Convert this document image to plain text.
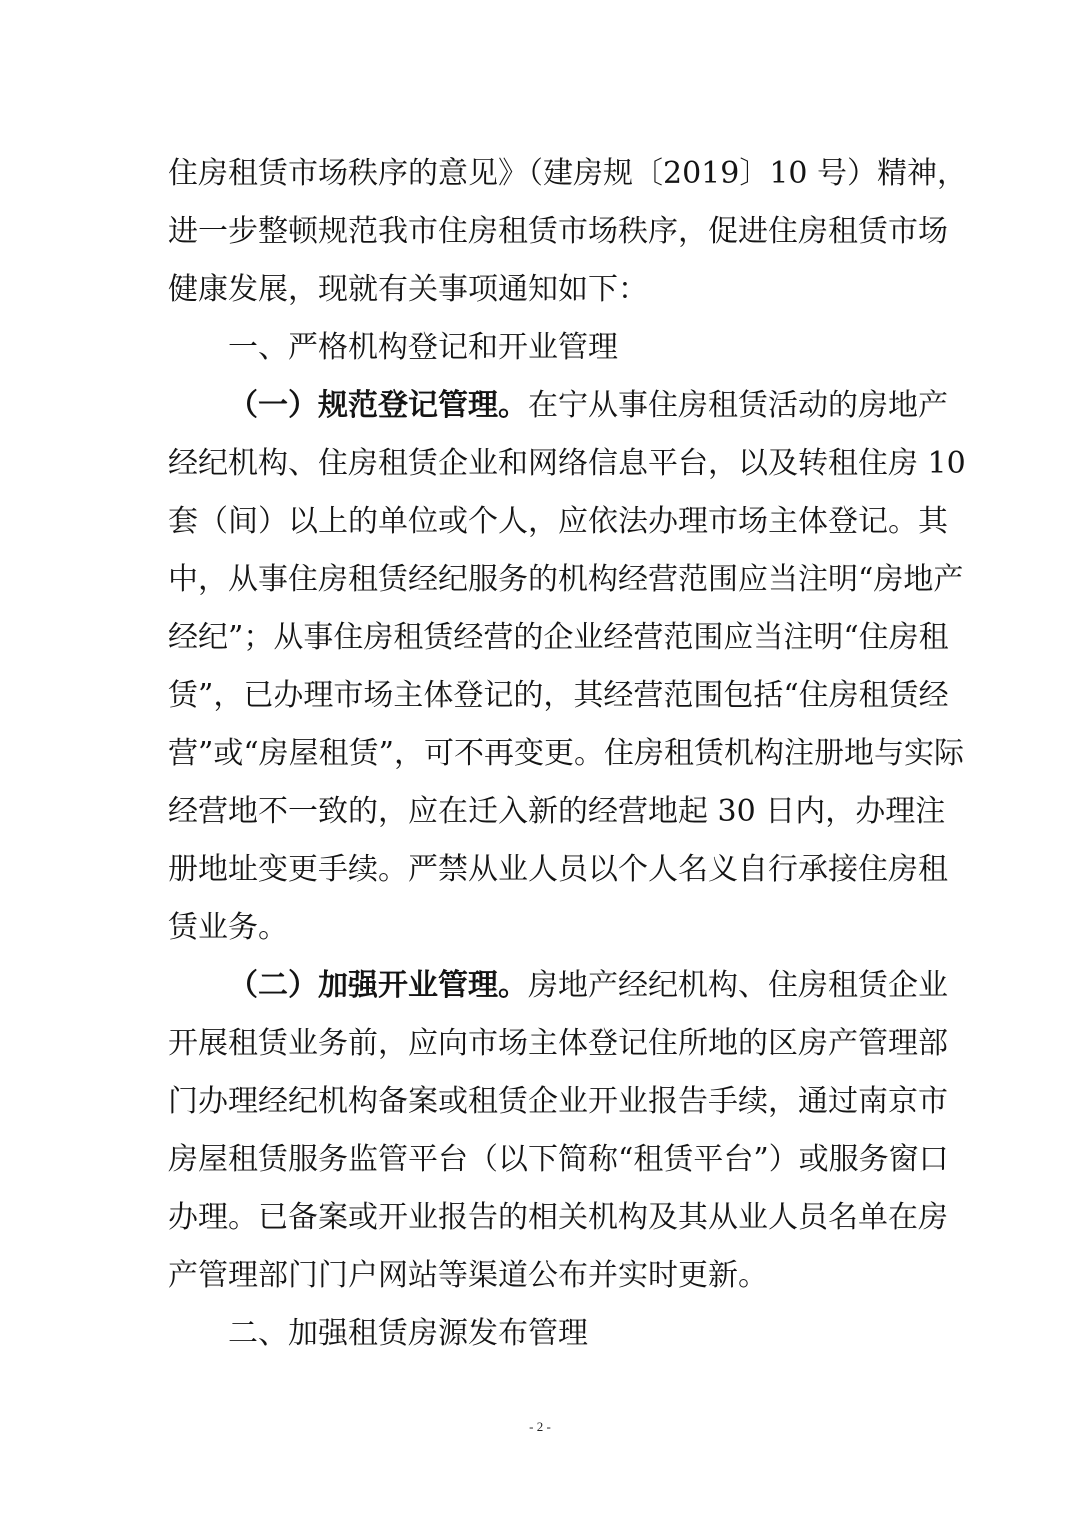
住房租赁市场秩序的意见》（建房规〔2019〕10 号）精神，
进一步整顿规范我市住房租赁市场秩序，促进住房租赁市场
健康发展，现就有关事项通知如下：
一、严格机构登记和开业管理
（一）规范登记管理。在宁从事住房租赁活动的房地产
经纪机构、住房租赁企业和网络信息平台，以及转租住房 10
套（间）以上的单位或个人，应依法办理市场主体登记。其
中，从事住房租赁经纪服务的机构经营范围应当注明“房地产
经纪”；从事住房租赁经营的企业经营范围应当注明“住房租
赁”，已办理市场主体登记的，其经营范围包括“住房租赁经
营”或“房屋租赁”，可不再变更。住房租赁机构注册地与实际
经营地不一致的，应在迁入新的经营地起 30 日内，办理注
册地址变更手续。严禁从业人员以个人名义自行承接住房租
赁业务。
（二）加强开业管理。房地产经纪机构、住房租赁企业
开展租赁业务前，应向市场主体登记住所地的区房产管理部
门办理经纪机构备案或租赁企业开业报告手续，通过南京市
房屋租赁服务监管平台（以下简称“租赁平台”）或服务窗口
办理。已备案或开业报告的相关机构及其从业人员名单在房
产管理部门门户网站等渠道公布并实时更新。
二、加强租赁房源发布管理
- 2 -
